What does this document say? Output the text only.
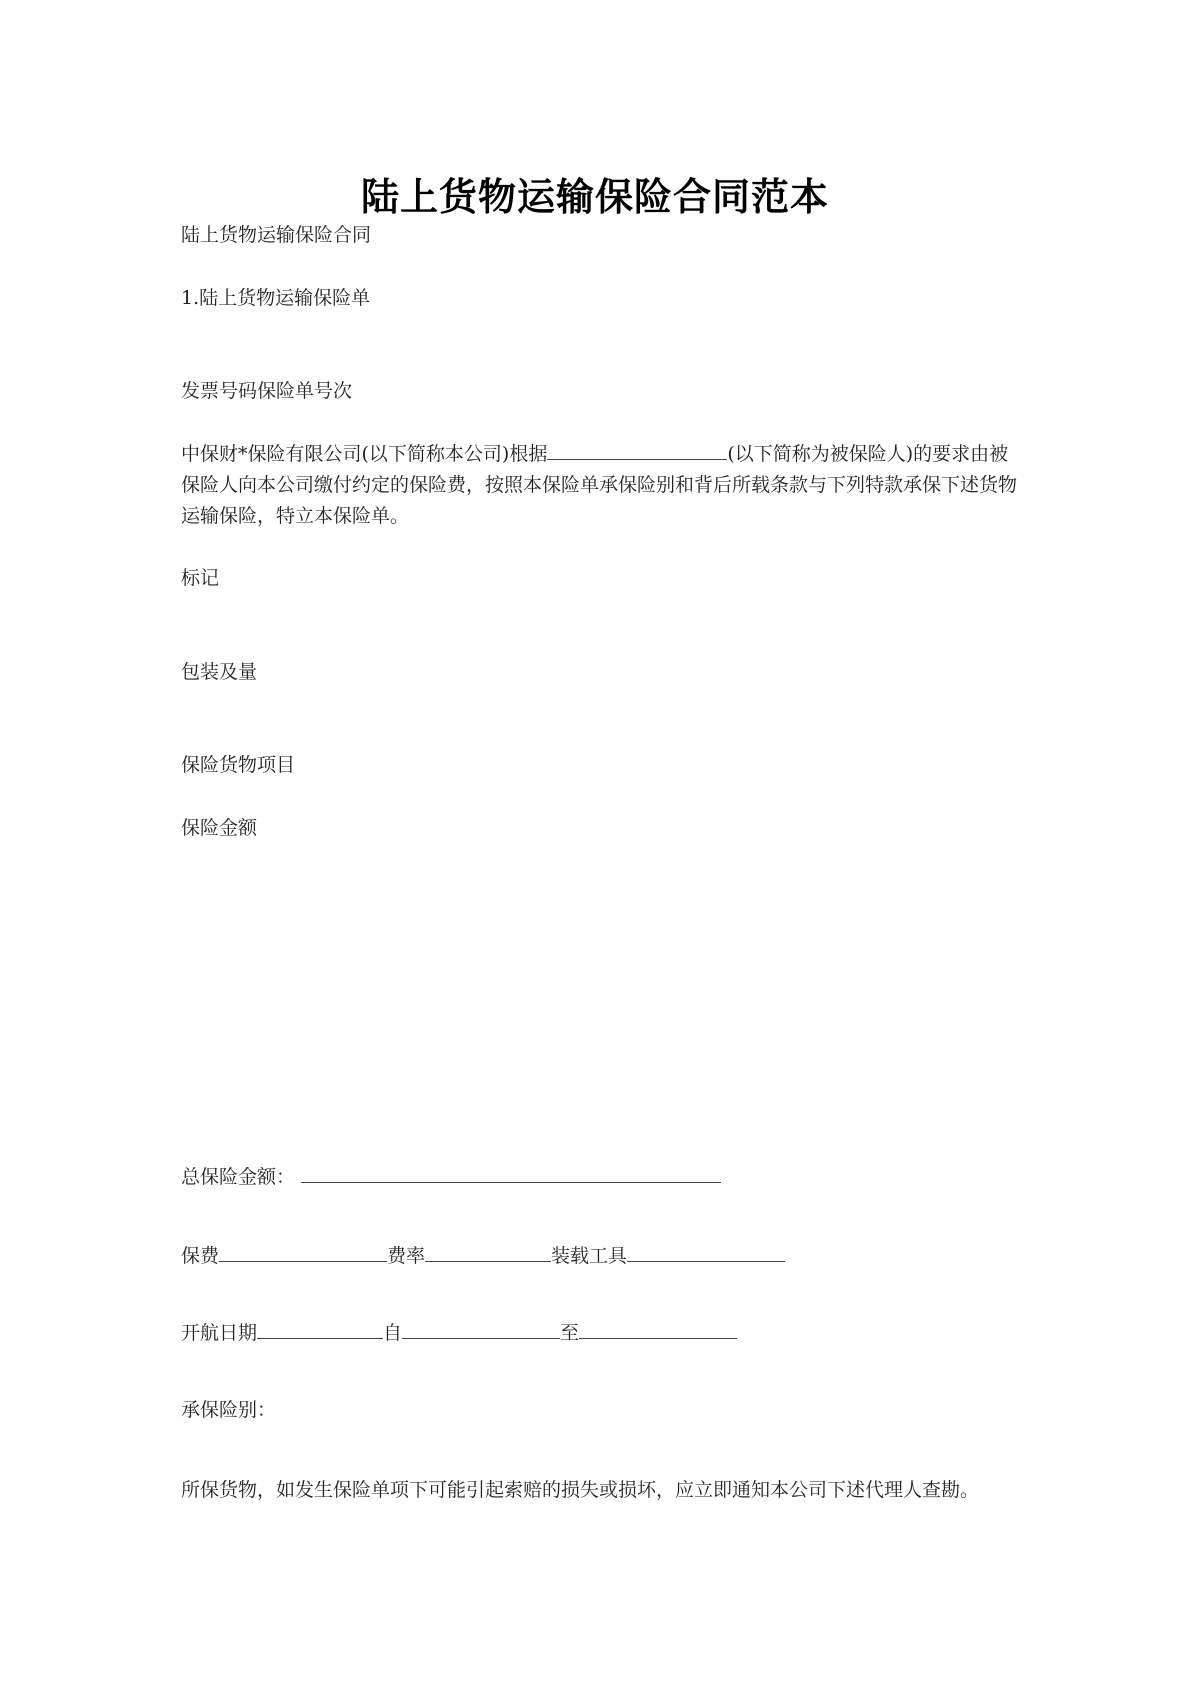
陆上货物运输保险合同范本
陆上货物运输保险合同
1.陆上货物运输保险单
发票号码保险单号次
中保财*保险有限公司(以下简称本公司)根据	(以下简称为被保险人)的要求由被保险人向本公司缴付约定的保险费，按照本保险单承保险别和背后所载条款与下列特款承保下述货物运输保险，特立本保险单。
标记
包装及量
保险货物项目
保险金额
总保险金额：
保费	费率	装载工具
开航日期	自	至
承保险别：
所保货物，如发生保险单项下可能引起索赔的损失或损坏，应立即通知本公司下述代理人查勘。
